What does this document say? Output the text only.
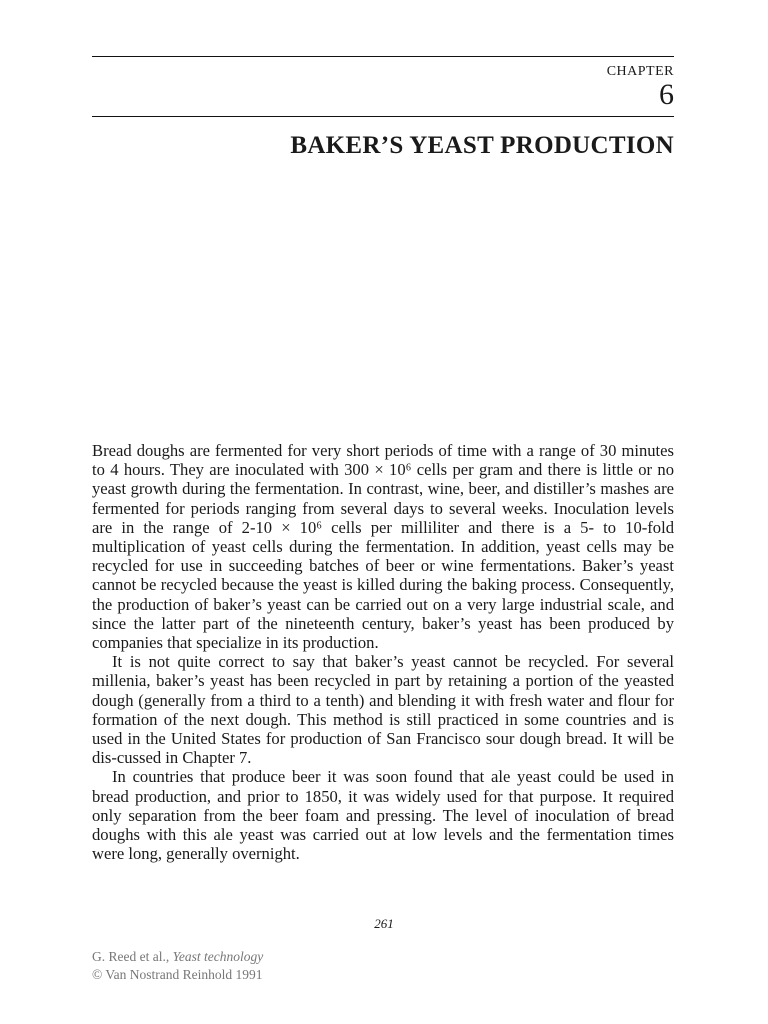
CHAPTER
6
BAKER’S YEAST PRODUCTION

Bread doughs are fermented for very short periods of time with a range of 30 minutes to 4 hours. They are inoculated with 300 × 10⁶ cells per gram and there is little or no yeast growth during the fermentation. In contrast, wine, beer, and distiller’s mashes are fermented for periods ranging from several days to several weeks. Inoculation levels are in the range of 2-10 × 10⁶ cells per milliliter and there is a 5- to 10-fold multiplication of yeast cells during the fermentation. In addition, yeast cells may be recycled for use in succeeding batches of beer or wine fermentations. Baker’s yeast cannot be recycled because the yeast is killed during the baking process. Consequently, the production of baker’s yeast can be carried out on a very large industrial scale, and since the latter part of the nineteenth century, baker’s yeast has been produced by companies that specialize in its production.

It is not quite correct to say that baker’s yeast cannot be recycled. For several millenia, baker’s yeast has been recycled in part by retaining a portion of the yeasted dough (generally from a third to a tenth) and blending it with fresh water and flour for formation of the next dough. This method is still practiced in some countries and is used in the United States for production of San Francisco sour dough bread. It will be dis-cussed in Chapter 7.

In countries that produce beer it was soon found that ale yeast could be used in bread production, and prior to 1850, it was widely used for that purpose. It required only separation from the beer foam and pressing. The level of inoculation of bread doughs with this ale yeast was carried out at low levels and the fermentation times were long, generally overnight.

261
G. Reed et al., Yeast technology
© Van Nostrand Reinhold 1991
